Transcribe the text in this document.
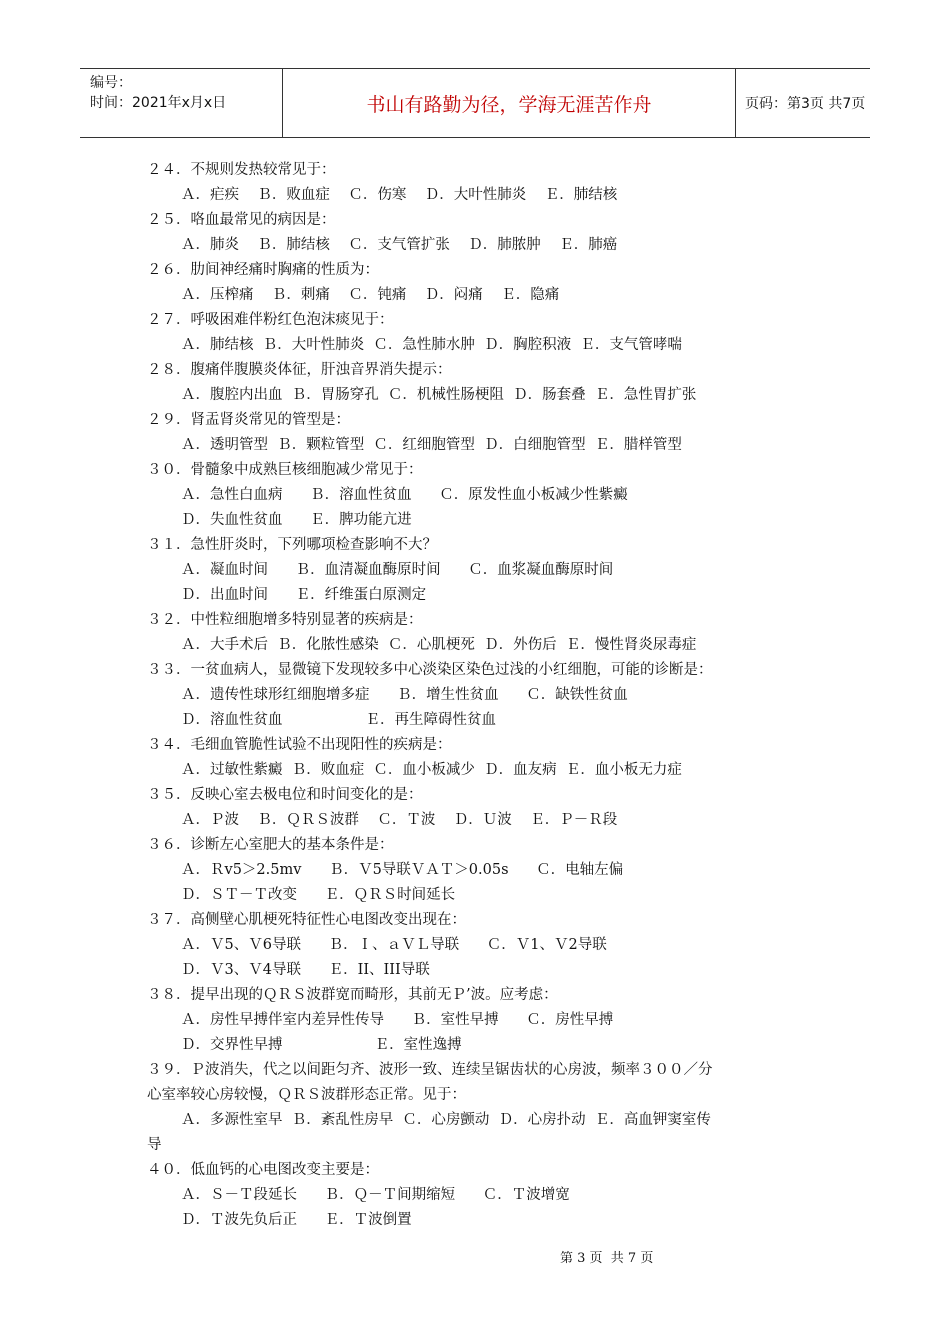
编号：
时间：2021年x月x日	书山有路勤为径，学海无涯苦作舟	页码：第3页 共7页
２４．不规则发热较常见于：
Ａ．疟疾    Ｂ．败血症    Ｃ．伤寒    Ｄ．大叶性肺炎    Ｅ．肺结核
２５．咯血最常见的病因是：
Ａ．肺炎    Ｂ．肺结核    Ｃ．支气管扩张    Ｄ．肺脓肿    Ｅ．肺癌
２６．肋间神经痛时胸痛的性质为：
Ａ．压榨痛    Ｂ．刺痛    Ｃ．钝痛    Ｄ．闷痛    Ｅ．隐痛
２７．呼吸困难伴粉红色泡沫痰见于：
Ａ．肺结核  Ｂ．大叶性肺炎  Ｃ．急性肺水肿  Ｄ．胸腔积液  Ｅ．支气管哮喘
２８．腹痛伴腹膜炎体征，肝浊音界消失提示：
Ａ．腹腔内出血  Ｂ．胃肠穿孔  Ｃ．机械性肠梗阻  Ｄ．肠套叠  Ｅ．急性胃扩张
２９．肾盂肾炎常见的管型是：
Ａ．透明管型  Ｂ．颗粒管型  Ｃ．红细胞管型  Ｄ．白细胞管型  Ｅ．腊样管型
３０．骨髓象中成熟巨核细胞减少常见于：
Ａ．急性白血病      Ｂ．溶血性贫血      Ｃ．原发性血小板减少性紫癜
Ｄ．失血性贫血      Ｅ．脾功能亢进
３１．急性肝炎时，下列哪项检查影响不大？
Ａ．凝血时间      Ｂ．血清凝血酶原时间      Ｃ．血浆凝血酶原时间
Ｄ．出血时间      Ｅ．纤维蛋白原测定
３２．中性粒细胞增多特别显著的疾病是：
Ａ．大手术后  Ｂ．化脓性感染  Ｃ．心肌梗死  Ｄ．外伤后  Ｅ．慢性肾炎尿毒症
３３．一贫血病人，显微镜下发现较多中心淡染区染色过浅的小红细胞，可能的诊断是：
Ａ．遗传性球形红细胞增多症      Ｂ．增生性贫血      Ｃ．缺铁性贫血
Ｄ．溶血性贫血                  Ｅ．再生障碍性贫血
３４．毛细血管脆性试验不出现阳性的疾病是：
Ａ．过敏性紫癜  Ｂ．败血症  Ｃ．血小板减少  Ｄ．血友病  Ｅ．血小板无力症
３５．反映心室去极电位和时间变化的是：
Ａ．Ｐ波    Ｂ．ＱＲＳ波群    Ｃ．Ｔ波    Ｄ．Ｕ波    Ｅ．Ｐ－Ｒ段
３６．诊断左心室肥大的基本条件是：
Ａ．Ｒv5＞2.5mv      Ｂ．Ｖ5导联ＶＡＴ＞0.05s      Ｃ．电轴左偏
Ｄ．ＳＴ－Ｔ改变      Ｅ．ＱＲＳ时间延长
３７．高侧壁心肌梗死特征性心电图改变出现在：
Ａ．Ｖ5、Ｖ6导联      Ｂ．Ｉ、ａＶＬ导联      Ｃ．Ｖ1、Ｖ2导联
Ｄ．Ｖ3、Ｖ4导联      Ｅ．II、III导联
３８．提早出现的ＱＲＳ波群宽而畸形，其前无Ｐ’波。应考虑：
Ａ．房性早搏伴室内差异性传导      Ｂ．室性早搏      Ｃ．房性早搏
Ｄ．交界性早搏                    Ｅ．室性逸搏
３９．Ｐ波消失，代之以间距匀齐、波形一致、连续呈锯齿状的心房波，频率３００／分
心室率较心房较慢，ＱＲＳ波群形态正常。见于：
Ａ．多源性室早  Ｂ．紊乱性房早  Ｃ．心房颤动  Ｄ．心房扑动  Ｅ．高血钾窦室传
导
４０．低血钙的心电图改变主要是：
Ａ．Ｓ－Ｔ段延长      Ｂ．Ｑ－Ｔ间期缩短      Ｃ．Ｔ波增宽
Ｄ．Ｔ波先负后正      Ｅ．Ｔ波倒置
第 3 页  共 7 页
